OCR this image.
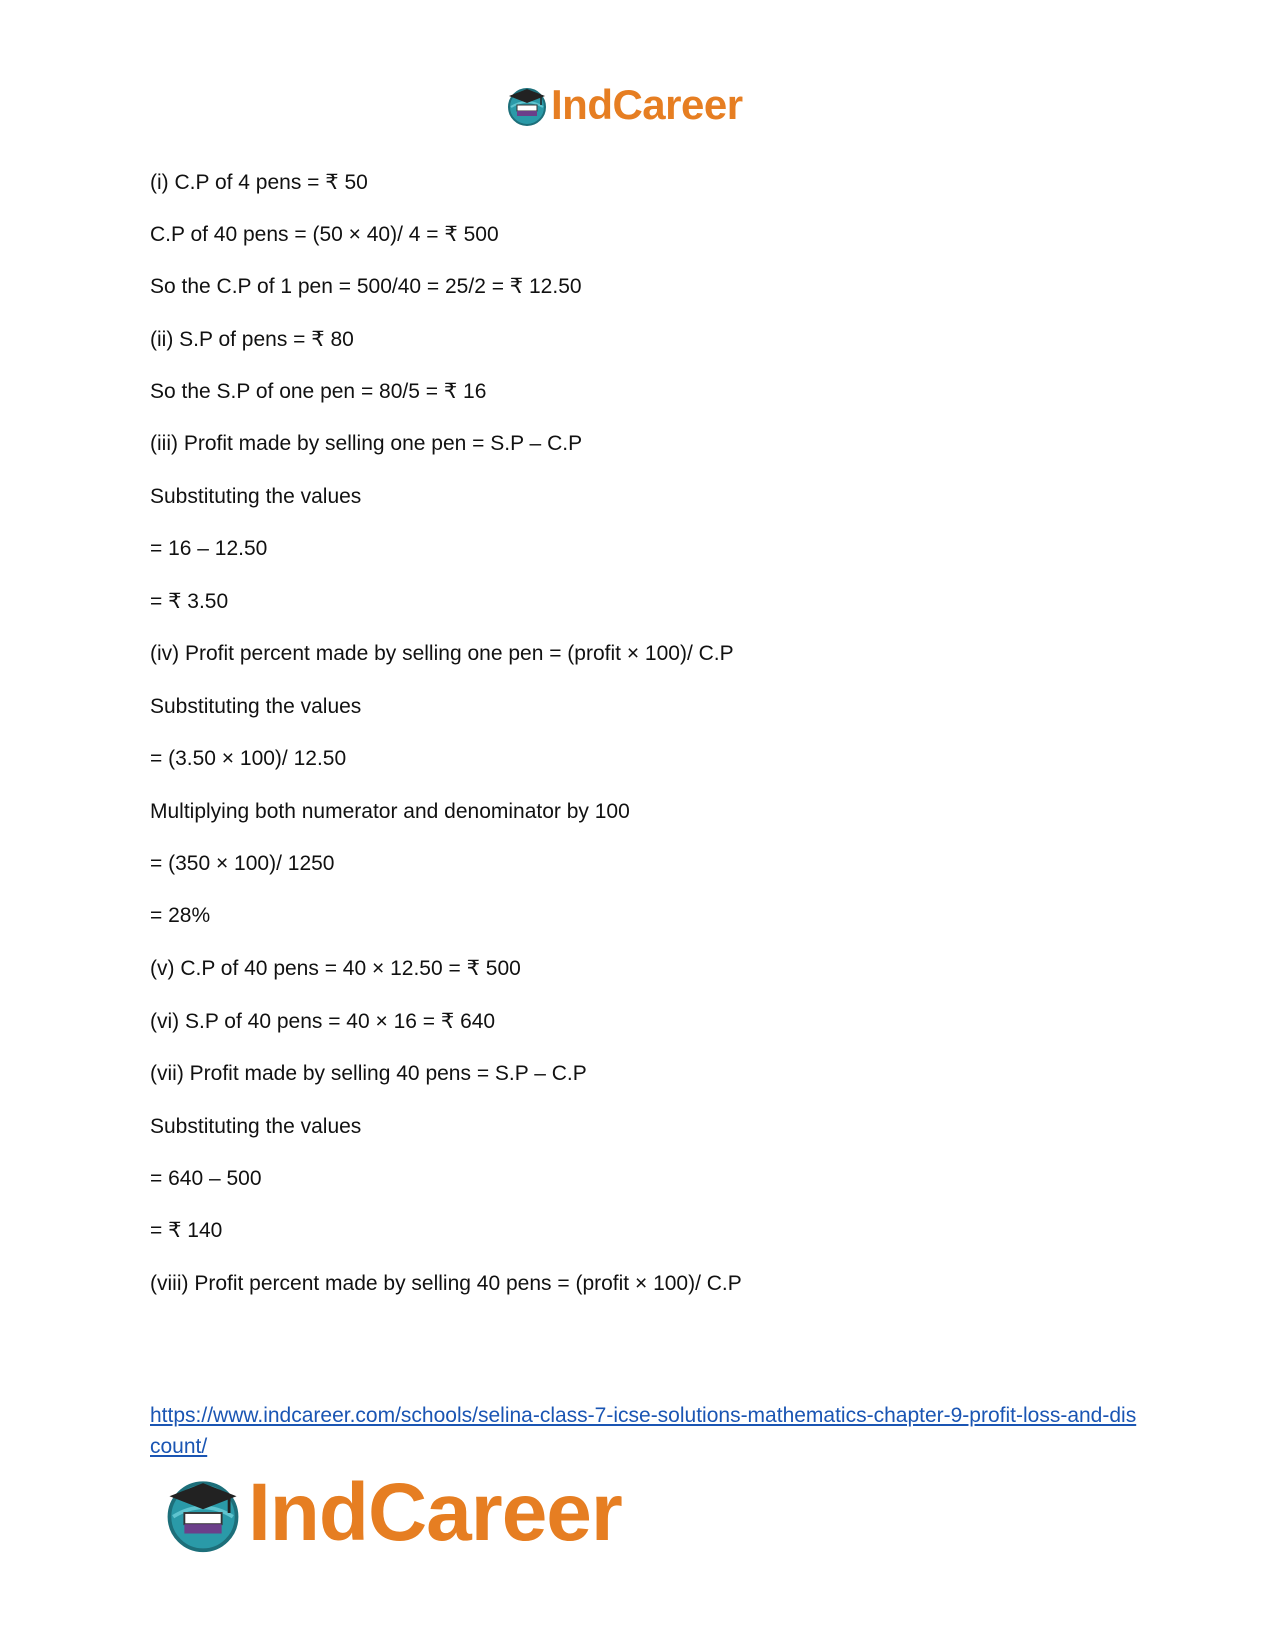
IndCareer
(i) C.P of 4 pens = ₹ 50
C.P of 40 pens = (50 × 40)/ 4 = ₹ 500
So the C.P of 1 pen = 500/40 = 25/2 = ₹ 12.50
(ii) S.P of pens = ₹ 80
So the S.P of one pen = 80/5 = ₹ 16
(iii) Profit made by selling one pen = S.P – C.P
Substituting the values
= 16 – 12.50
= ₹ 3.50
(iv) Profit percent made by selling one pen = (profit × 100)/ C.P
Substituting the values
= (3.50 × 100)/ 12.50
Multiplying both numerator and denominator by 100
= (350 × 100)/ 1250
= 28%
(v) C.P of 40 pens = 40 × 12.50 = ₹ 500
(vi) S.P of 40 pens = 40 × 16 = ₹ 640
(vii) Profit made by selling 40 pens = S.P – C.P
Substituting the values
= 640 – 500
= ₹ 140
(viii) Profit percent made by selling 40 pens = (profit × 100)/ C.P
https://www.indcareer.com/schools/selina-class-7-icse-solutions-mathematics-chapter-9-profit-loss-and-discount/
IndCareer
